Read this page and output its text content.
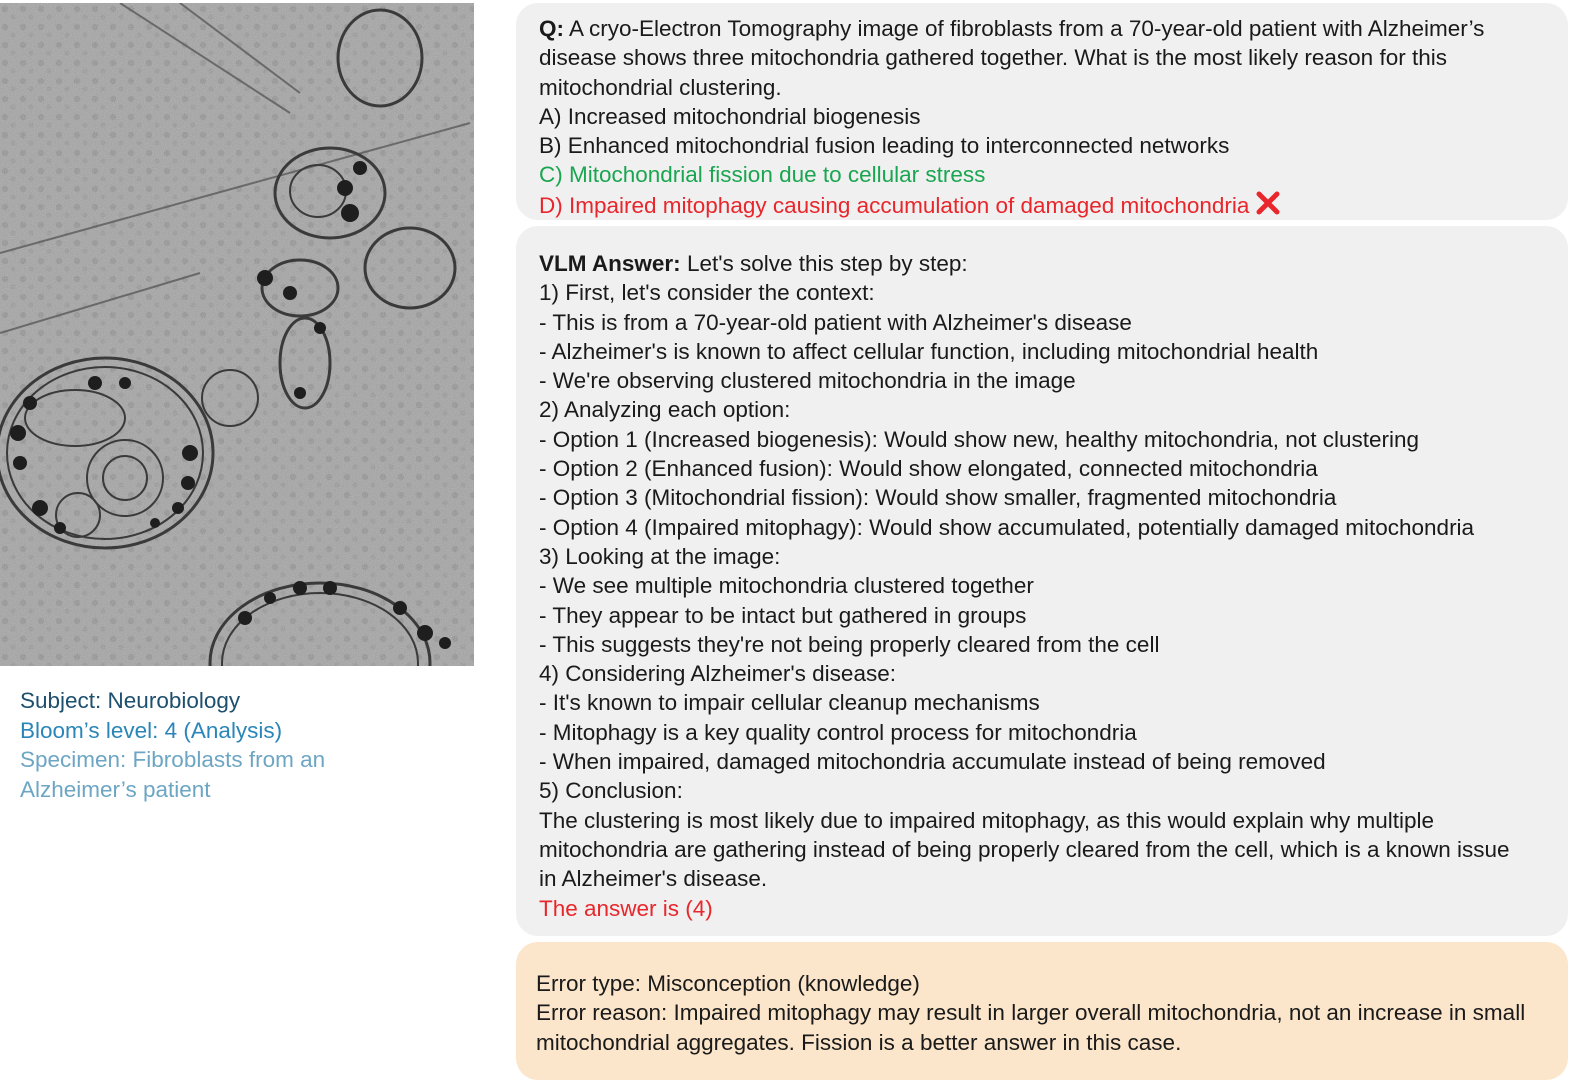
Subject: Neurobiology
Bloom’s level: 4 (Analysis)
Specimen: Fibroblasts from an Alzheimer’s patient
Q: A cryo-Electron Tomography image of fibroblasts from a 70-year-old patient with Alzheimer’s disease shows three mitochondria gathered together. What is the most likely reason for this mitochondrial clustering.
A) Increased mitochondrial biogenesis
B) Enhanced mitochondrial fusion leading to interconnected networks
C) Mitochondrial fission due to cellular stress
D) Impaired mitophagy causing accumulation of damaged mitochondria
VLM Answer: Let's solve this step by step:
1) First, let's consider the context:
- This is from a 70-year-old patient with Alzheimer's disease
- Alzheimer's is known to affect cellular function, including mitochondrial health
- We're observing clustered mitochondria in the image
2) Analyzing each option:
- Option 1 (Increased biogenesis): Would show new, healthy mitochondria, not clustering
- Option 2 (Enhanced fusion): Would show elongated, connected mitochondria
- Option 3 (Mitochondrial fission): Would show smaller, fragmented mitochondria
- Option 4 (Impaired mitophagy): Would show accumulated, potentially damaged mitochondria
3) Looking at the image:
- We see multiple mitochondria clustered together
- They appear to be intact but gathered in groups
- This suggests they're not being properly cleared from the cell
4) Considering Alzheimer's disease:
- It's known to impair cellular cleanup mechanisms
- Mitophagy is a key quality control process for mitochondria
- When impaired, damaged mitochondria accumulate instead of being removed
5) Conclusion:
The clustering is most likely due to impaired mitophagy, as this would explain why multiple mitochondria are gathering instead of being properly cleared from the cell, which is a known issue in Alzheimer's disease.
The answer is (4)
Error type: Misconception (knowledge)
Error reason: Impaired mitophagy may result in larger overall mitochondria, not an increase in small mitochondrial aggregates. Fission is a better answer in this case.
